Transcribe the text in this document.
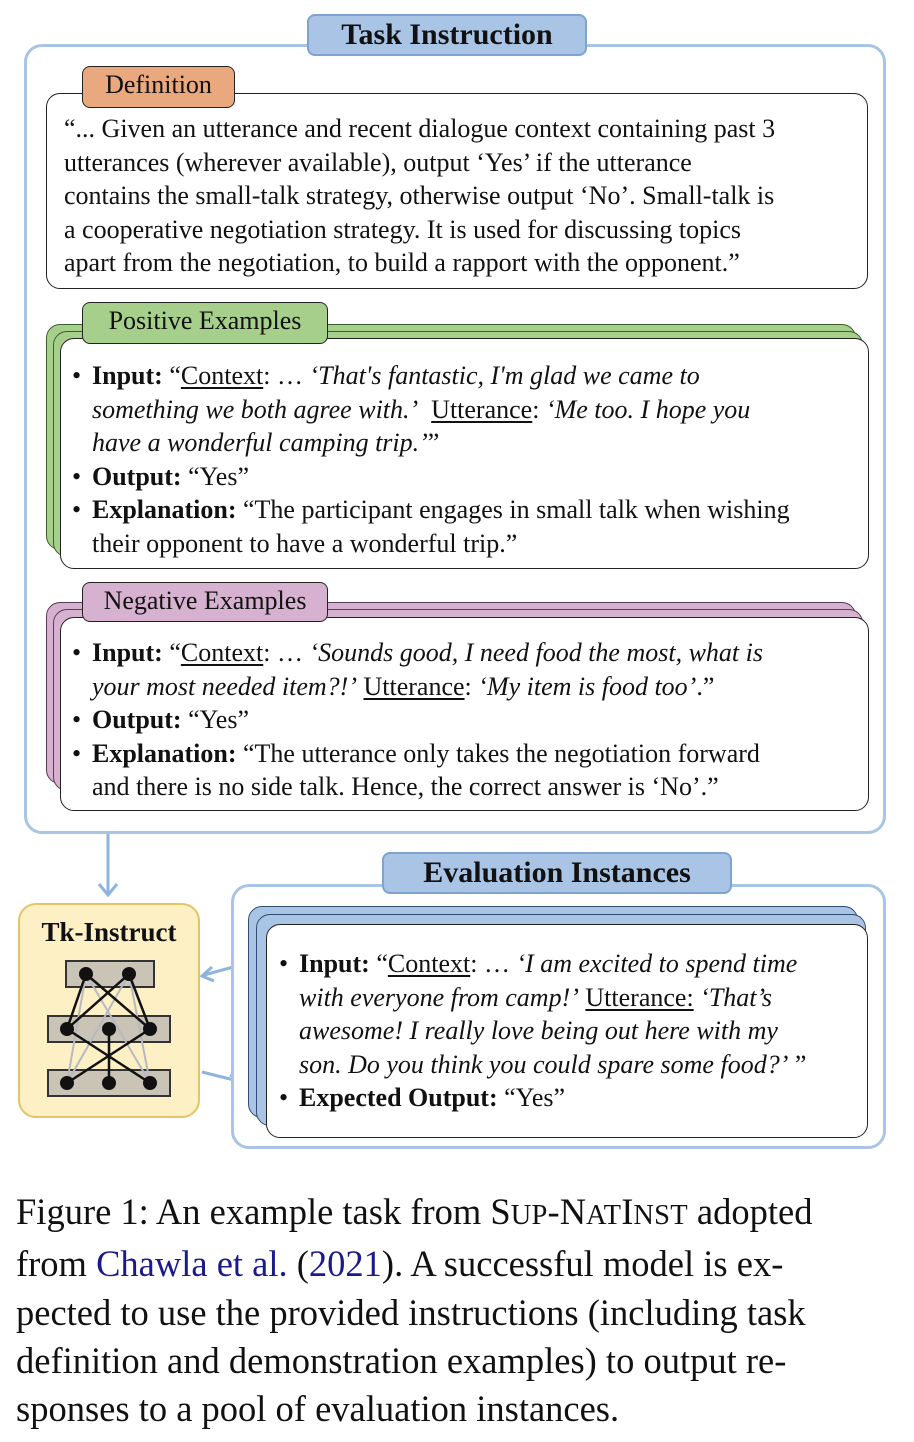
Task Instruction
Definition
“... Given an utterance and recent dialogue context containing past 3
utterances (wherever available), output ‘Yes’ if the utterance
contains the small-talk strategy, otherwise output ‘No’. Small-talk is
a cooperative negotiation strategy. It is used for discussing topics
apart from the negotiation, to build a rapport with the opponent.”
Positive Examples
• Input: “Context: … ‘That's fantastic, I'm glad we came to
something we both agree with.’ Utterance: ‘Me too. I hope you
have a wonderful camping trip.’”
• Output: “Yes”
• Explanation: “The participant engages in small talk when wishing
their opponent to have a wonderful trip.”
Negative Examples
• Input: “Context: … ‘Sounds good, I need food the most, what is
your most needed item?!’ Utterance: ‘My item is food too’.”
• Output: “Yes”
• Explanation: “The utterance only takes the negotiation forward
and there is no side talk. Hence, the correct answer is ‘No’.”
Tk-Instruct
Evaluation Instances
• Input: “Context: … ‘I am excited to spend time
with everyone from camp!’ Utterance: ‘That’s
awesome! I really love being out here with my
son. Do you think you could spare some food?’ ”
• Expected Output: “Yes”
Figure 1: An example task from SUP-NATINST adopted
from Chawla et al. (2021). A successful model is ex-
pected to use the provided instructions (including task
definition and demonstration examples) to output re-
sponses to a pool of evaluation instances.
